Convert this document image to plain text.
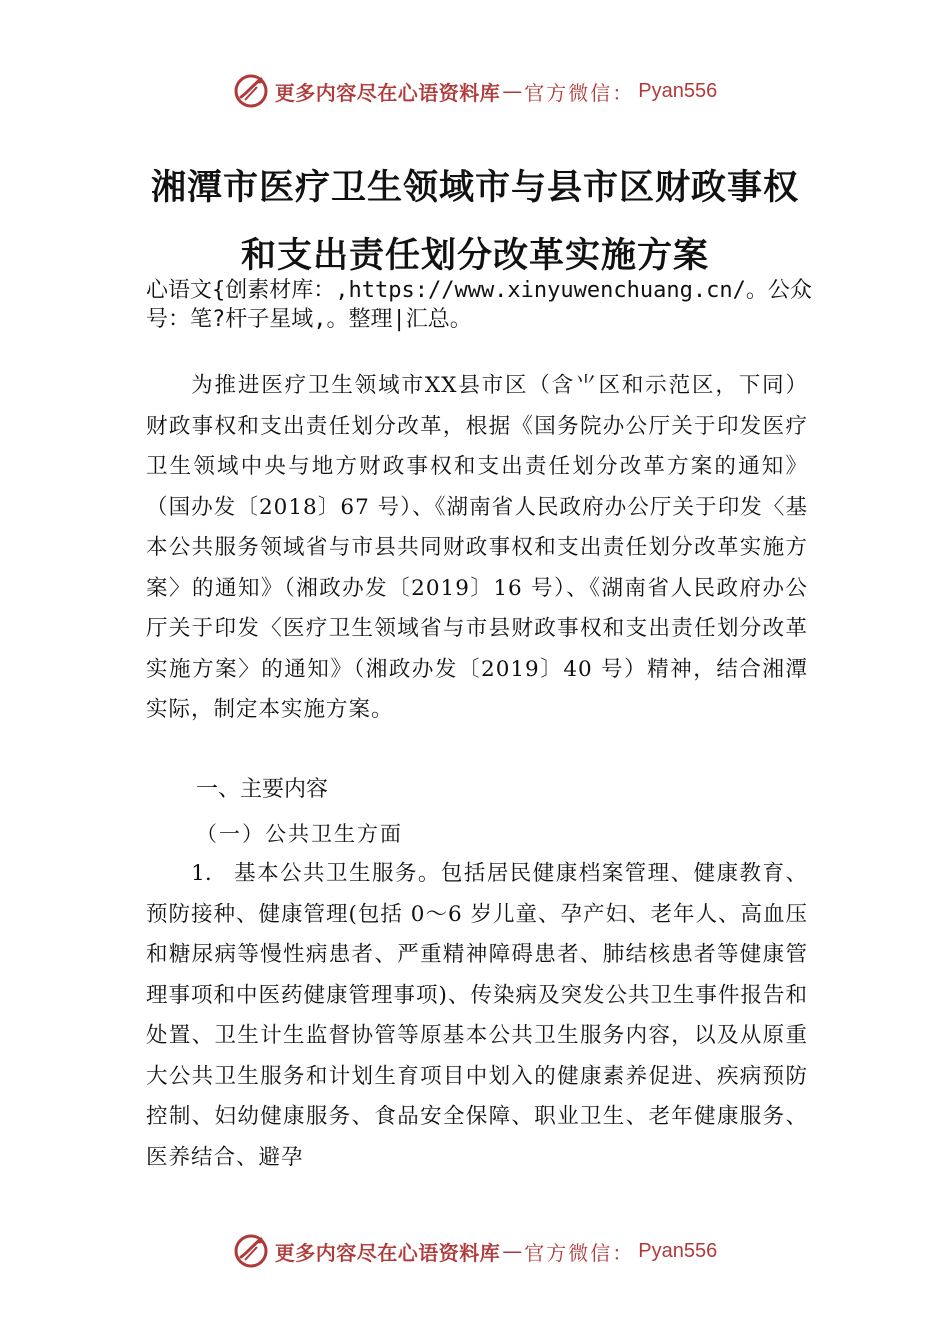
更多内容尽在心语资料库 — 官方微信： Pyan556
湘潭市医疗卫生领域市与县市区财政事权
和支出责任划分改革实施方案
心语文{创素材库：,https://www.xinyuwenchuang.cn/。公众号：笔?杆子星域,。整理|汇总。
为推进医疗卫生领域市XX县市区（含⺌区和示范区，下同）财政事权和支出责任划分改革，根据《国务院办公厅关于印发医疗卫生领域中央与地方财政事权和支出责任划分改革方案的通知》（国办发〔2018〕67 号）、《湖南省人民政府办公厅关于印发〈基本公共服务领域省与市县共同财政事权和支出责任划分改革实施方案〉的通知》（湘政办发〔2019〕16 号）、《湖南省人民政府办公厅关于印发〈医疗卫生领域省与市县财政事权和支出责任划分改革实施方案〉的通知》（湘政办发〔2019〕40 号）精神，结合湘潭实际，制定本实施方案。
一、主要内容
（一）公共卫生方面
1. 基本公共卫生服务。包括居民健康档案管理、健康教育、预防接种、健康管理(包括 0～6 岁儿童、孕产妇、老年人、高血压和糖尿病等慢性病患者、严重精神障碍患者、肺结核患者等健康管理事项和中医药健康管理事项)、传染病及突发公共卫生事件报告和处置、卫生计生监督协管等原基本公共卫生服务内容，以及从原重大公共卫生服务和计划生育项目中划入的健康素养促进、疾病预防控制、妇幼健康服务、食品安全保障、职业卫生、老年健康服务、医养结合、避孕
更多内容尽在心语资料库 — 官方微信： Pyan556
